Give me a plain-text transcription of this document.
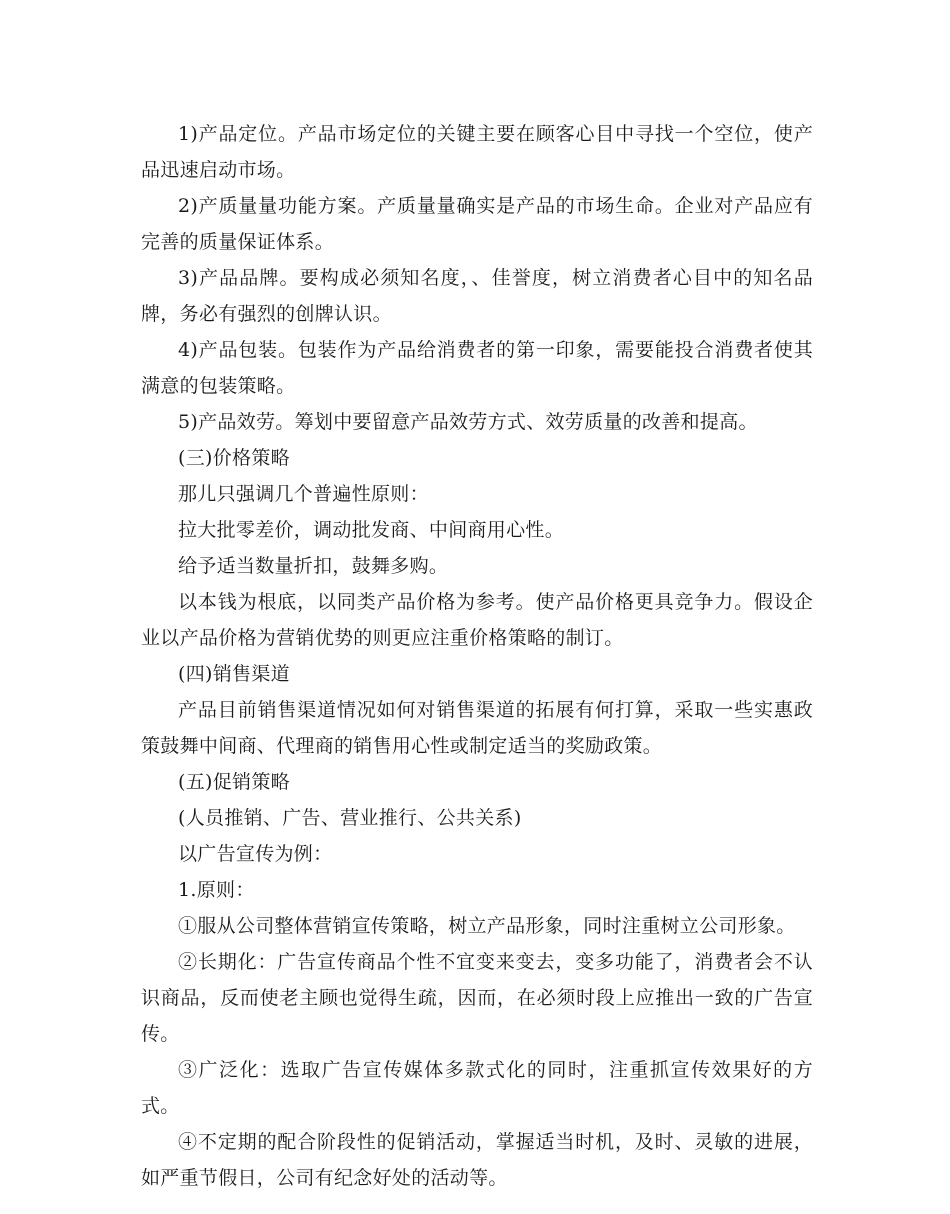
1)产品定位。产品市场定位的关键主要在顾客心目中寻找一个空位，使产品迅速启动市场。

2)产质量量功能方案。产质量量确实是产品的市场生命。企业对产品应有完善的质量保证体系。

3)产品品牌。要构成必须知名度，、佳誉度，树立消费者心目中的知名品牌，务必有强烈的创牌认识。

4)产品包装。包装作为产品给消费者的第一印象，需要能投合消费者使其满意的包装策略。

5)产品效劳。筹划中要留意产品效劳方式、效劳质量的改善和提高。

(三)价格策略

那儿只强调几个普遍性原则：

拉大批零差价，调动批发商、中间商用心性。

给予适当数量折扣，鼓舞多购。

以本钱为根底，以同类产品价格为参考。使产品价格更具竞争力。假设企业以产品价格为营销优势的则更应注重价格策略的制订。

(四)销售渠道

产品目前销售渠道情况如何对销售渠道的拓展有何打算，采取一些实惠政策鼓舞中间商、代理商的销售用心性或制定适当的奖励政策。

(五)促销策略

(人员推销、广告、营业推行、公共关系)

以广告宣传为例：

1.原则：

①服从公司整体营销宣传策略，树立产品形象，同时注重树立公司形象。

②长期化：广告宣传商品个性不宜变来变去，变多功能了，消费者会不认识商品，反而使老主顾也觉得生疏，因而，在必须时段上应推出一致的广告宣传。

③广泛化：选取广告宣传媒体多款式化的同时，注重抓宣传效果好的方式。

④不定期的配合阶段性的促销活动，掌握适当时机，及时、灵敏的进展，如严重节假日，公司有纪念好处的活动等。
